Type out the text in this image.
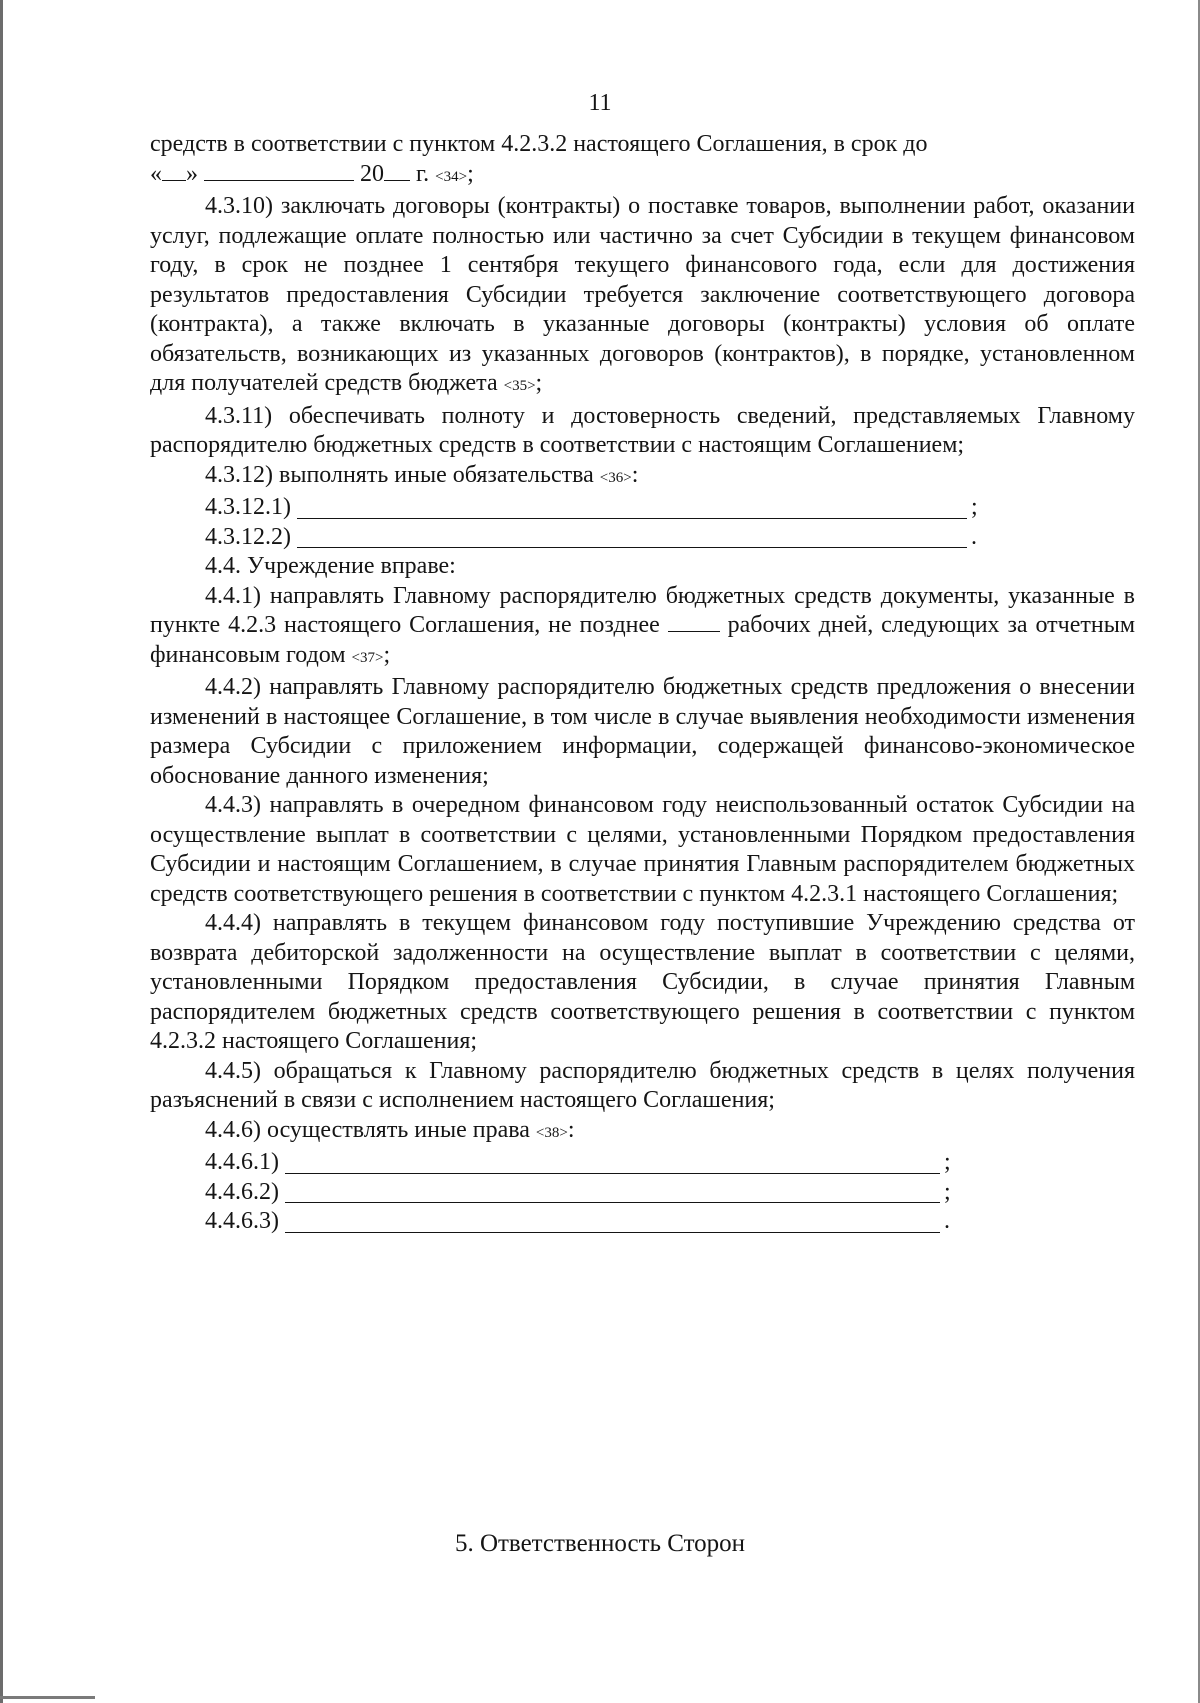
11

средств в соответствии с пунктом 4.2.3.2 настоящего Соглашения, в срок до

« »	20 г. <34>;

4.3.10) заключать договоры (контракты) о поставке товаров, выполнении работ, оказании услуг, подлежащие оплате полностью или частично за счет Субсидии в текущем финансовом году, в срок не позднее 1 сентября текущего финансового года, если для достижения результатов предоставления Субсидии требуется заключение соответствующего договора (контракта), а также включать в указанные договоры (контракты) условия об оплате обязательств, возникающих из указанных договоров (контрактов), в порядке, установленном для получателей средств бюджета <35>;

4.3.11) обеспечивать полноту и достоверность сведений, представляемых Главному распорядителю бюджетных средств в соответствии с настоящим Соглашением;

4.3.12) выполнять иные обязательства <36>:

4.3.12.1)	;
4.3.12.2)	.

4.4. Учреждение вправе:

4.4.1) направлять Главному распорядителю бюджетных средств документы, указанные в пункте 4.2.3 настоящего Соглашения, не позднее	рабочих дней, следующих за отчетным финансовым годом <37>;

4.4.2) направлять Главному распорядителю бюджетных средств предложения о внесении изменений в настоящее Соглашение, в том числе в случае выявления необходимости изменения размера Субсидии с приложением информации, содержащей финансово-экономическое обоснование данного изменения;

4.4.3) направлять в очередном финансовом году неиспользованный остаток Субсидии на осуществление выплат в соответствии с целями, установленными Порядком предоставления Субсидии и настоящим Соглашением, в случае принятия Главным распорядителем бюджетных средств соответствующего решения в соответствии с пунктом 4.2.3.1 настоящего Соглашения;

4.4.4) направлять в текущем финансовом году поступившие Учреждению средства от возврата дебиторской задолженности на осуществление выплат в соответствии с целями, установленными Порядком предоставления Субсидии, в случае принятия Главным распорядителем бюджетных средств соответствующего решения в соответствии с пунктом 4.2.3.2 настоящего Соглашения;

4.4.5) обращаться к Главному распорядителю бюджетных средств в целях получения разъяснений в связи с исполнением настоящего Соглашения;

4.4.6) осуществлять иные права <38>:

4.4.6.1)	;
4.4.6.2)	;
4.4.6.3)	.
5. Ответственность Сторон
